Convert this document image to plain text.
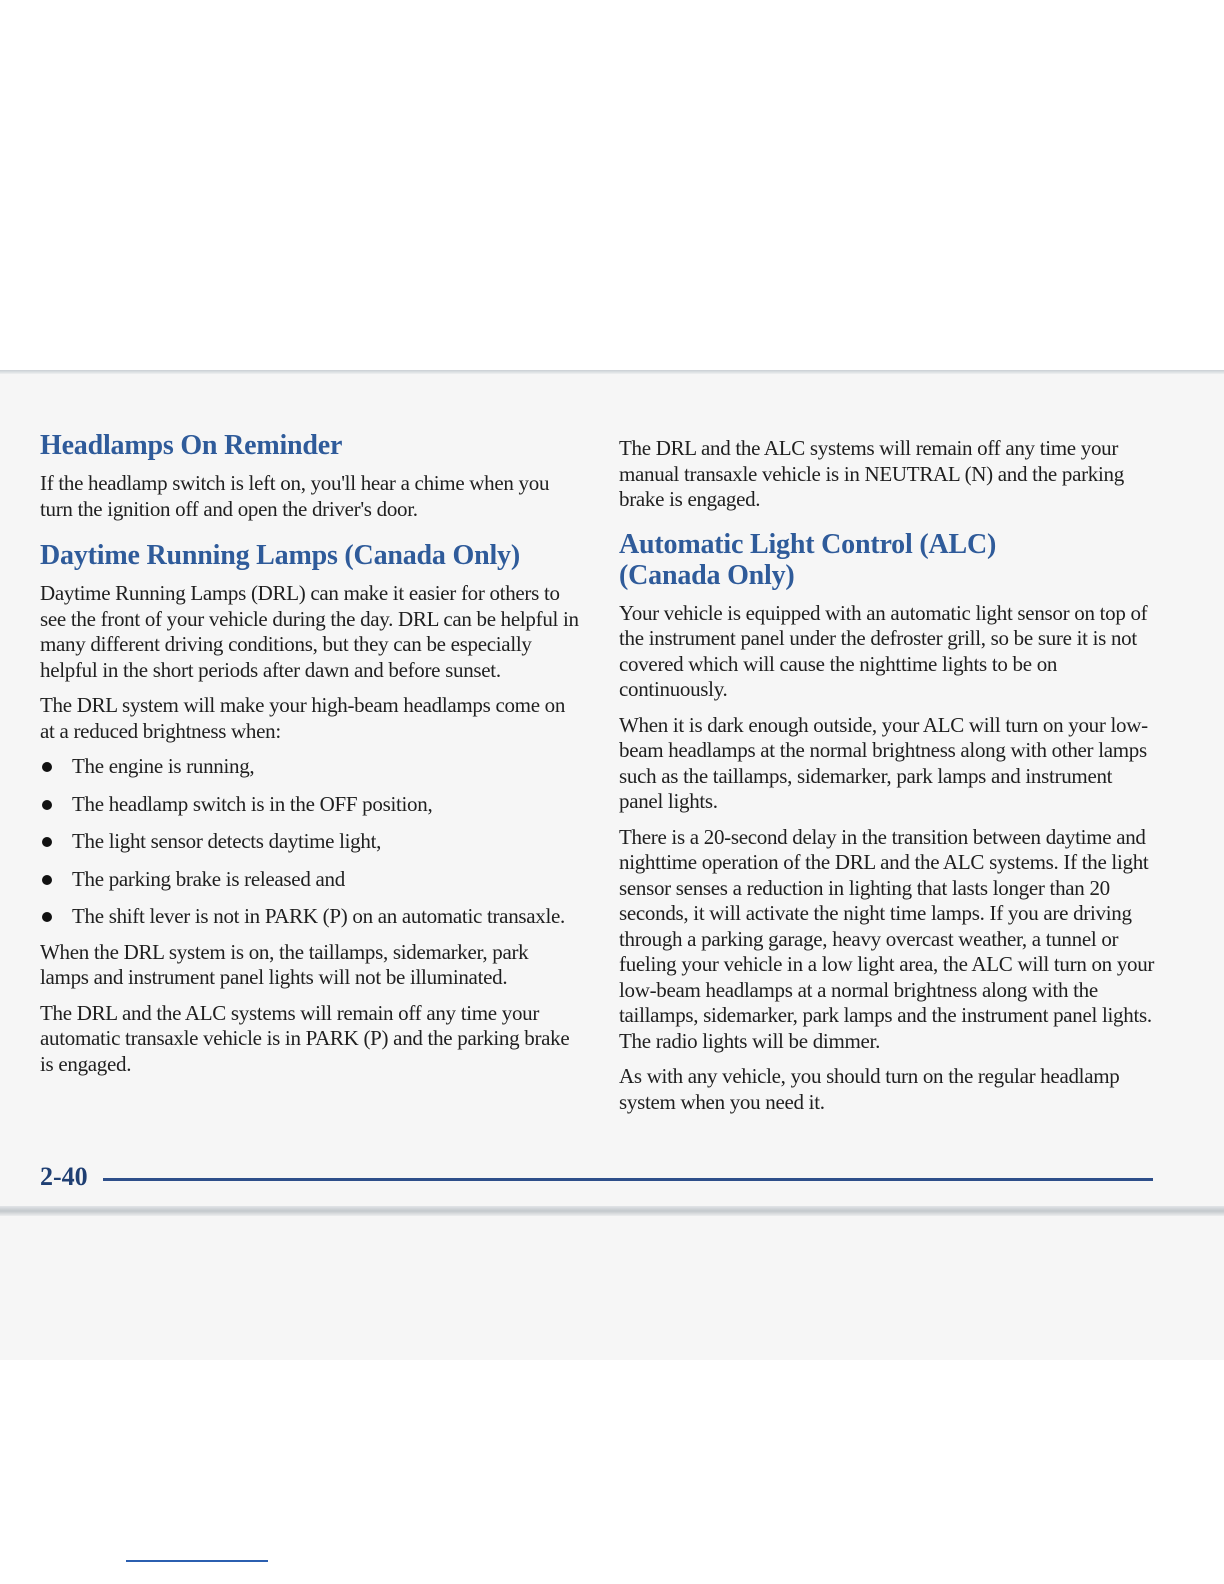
Headlamps On Reminder

If the headlamp switch is left on, you'll hear a chime when you turn the ignition off and open the driver's door.

Daytime Running Lamps (Canada Only)

Daytime Running Lamps (DRL) can make it easier for others to see the front of your vehicle during the day. DRL can be helpful in many different driving conditions, but they can be especially helpful in the short periods after dawn and before sunset.

The DRL system will make your high-beam headlamps come on at a reduced brightness when:

The engine is running,
The headlamp switch is in the OFF position,
The light sensor detects daytime light,
The parking brake is released and
The shift lever is not in PARK (P) on an automatic transaxle.

When the DRL system is on, the taillamps, sidemarker, park lamps and instrument panel lights will not be illuminated.

The DRL and the ALC systems will remain off any time your automatic transaxle vehicle is in PARK (P) and the parking brake is engaged.

The DRL and the ALC systems will remain off any time your manual transaxle vehicle is in NEUTRAL (N) and the parking brake is engaged.

Automatic Light Control (ALC)
(Canada Only)

Your vehicle is equipped with an automatic light sensor on top of the instrument panel under the defroster grill, so be sure it is not covered which will cause the nighttime lights to be on continuously.

When it is dark enough outside, your ALC will turn on your low-beam headlamps at the normal brightness along with other lamps such as the taillamps, sidemarker, park lamps and instrument panel lights.

There is a 20-second delay in the transition between daytime and nighttime operation of the DRL and the ALC systems. If the light sensor senses a reduction in lighting that lasts longer than 20 seconds, it will activate the night time lamps. If you are driving through a parking garage, heavy overcast weather, a tunnel or fueling your vehicle in a low light area, the ALC will turn on your low-beam headlamps at a normal brightness along with the taillamps, sidemarker, park lamps and the instrument panel lights. The radio lights will be dimmer.

As with any vehicle, you should turn on the regular headlamp system when you need it.

2-40
